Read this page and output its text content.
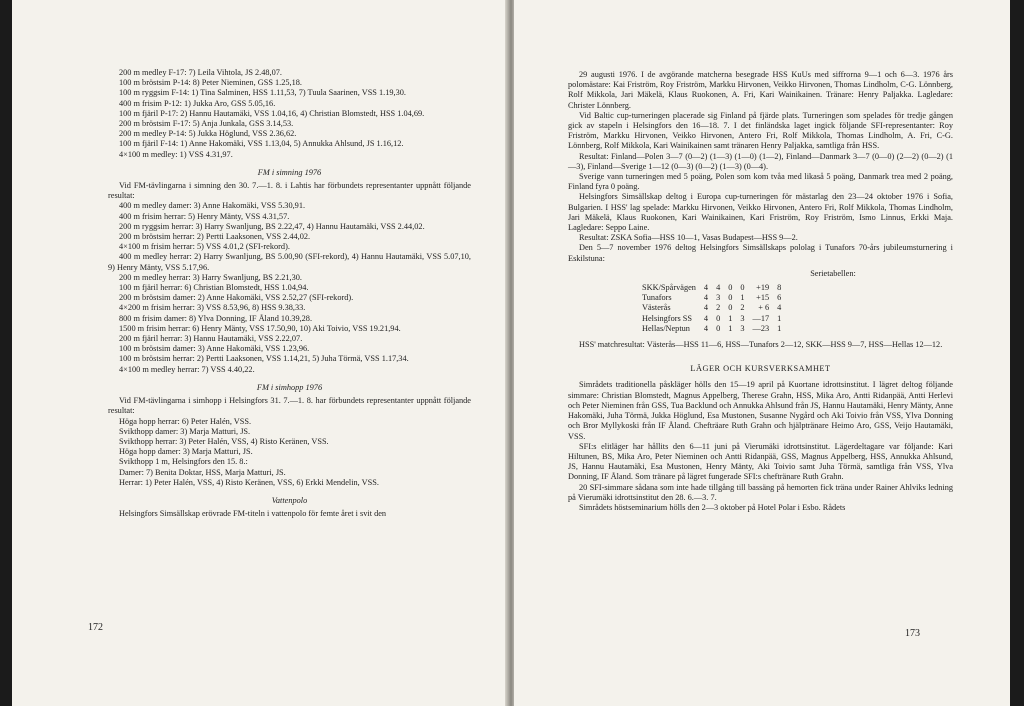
200 m medley F-17: 7) Leila Vihtola, JS 2.48,07.

100 m bröstsim P-14: 8) Peter Nieminen, GSS 1.25,18.

100 m ryggsim F-14: 1) Tina Salminen, HSS 1.11,53, 7) Tuula Saarinen, VSS 1.19,30.

400 m frisim P-12: 1) Jukka Aro, GSS 5.05,16.

100 m fjäril P-17: 2) Hannu Hautamäki, VSS 1.04,16, 4) Christian Blomstedt, HSS 1.04,69.

200 m bröstsim F-17: 5) Anja Junkala, GSS 3.14,53.

200 m medley P-14: 5) Jukka Höglund, VSS 2.36,62.

100 m fjäril F-14: 1) Anne Hakomäki, VSS 1.13,04, 5) Annukka Ahlsund, JS 1.16,12.

4×100 m medley: 1) VSS 4.31,97.

FM i simning 1976

Vid FM-tävlingarna i simning den 30. 7.—1. 8. i Lahtis har förbundets representanter uppnått följande resultat:

400 m medley damer: 3) Anne Hakomäki, VSS 5.30,91.

400 m frisim herrar: 5) Henry Mänty, VSS 4.31,57.

200 m ryggsim herrar: 3) Harry Swanljung, BS 2.22,47, 4) Hannu Hautamäki, VSS 2.44,02.

200 m bröstsim herrar: 2) Pertti Laaksonen, VSS 2.44,02.

4×100 m frisim herrar: 5) VSS 4.01,2 (SFI-rekord).

400 m medley herrar: 2) Harry Swanljung, BS 5.00,90 (SFI-rekord), 4) Hannu Hautamäki, VSS 5.07,10, 9) Henry Mänty, VSS 5.17,96.

200 m medley herrar: 3) Harry Swanljung, BS 2.21,30.

100 m fjäril herrar: 6) Christian Blomstedt, HSS 1.04,94.

200 m bröstsim damer: 2) Anne Hakomäki, VSS 2.52,27 (SFI-rekord).

4×200 m frisim herrar: 3) VSS 8.53,96, 8) HSS 9.38,33.

800 m frisim damer: 8) Ylva Donning, IF Åland 10.39,28.

1500 m frisim herrar: 6) Henry Mänty, VSS 17.50,90, 10) Aki Toivio, VSS 19.21,94.

200 m fjäril herrar: 3) Hannu Hautamäki, VSS 2.22,07.

100 m bröstsim damer: 3) Anne Hakomäki, VSS 1.23,96.

100 m bröstsim herrar: 2) Pertti Laaksonen, VSS 1.14,21, 5) Juha Törmä, VSS 1.17,34.

4×100 m medley herrar: 7) VSS 4.40,22.

FM i simhopp 1976

Vid FM-tävlingarna i simhopp i Helsingfors 31. 7.—1. 8. har förbundets representanter uppnått följande resultat:

Höga hopp herrar: 6) Peter Halén, VSS.

Svikthopp damer: 3) Marja Matturi, JS.

Svikthopp herrar: 3) Peter Halén, VSS, 4) Risto Keränen, VSS.

Höga hopp damer: 3) Marja Matturi, JS.

Svikthopp 1 m, Helsingfors den 15. 8.:

Damer: 7) Benita Doktar, HSS, Marja Matturi, JS.

Herrar: 1) Peter Halén, VSS, 4) Risto Keränen, VSS, 6) Erkki Mendelin, VSS.

Vattenpolo

Helsingfors Simsällskap erövrade FM-titeln i vattenpolo för femte året i svit den

172

29 augusti 1976. I de avgörande matcherna besegrade HSS KuUs med siffrorna 9—1 och 6—3. 1976 års polomästare: Kai Friström, Roy Friström, Markku Hirvonen, Veikko Hirvonen, Thomas Lindholm, C-G. Lönnberg, Rolf Mikkola, Jari Mäkelä, Klaus Ruokonen, A. Fri, Kari Wainikainen. Tränare: Henry Paljakka. Lagledare: Christer Lönnberg.

Vid Baltic cup-turneringen placerade sig Finland på fjärde plats. Turneringen som spelades för tredje gången gick av stapeln i Helsingfors den 16—18. 7. I det finländska laget ingick följande SFI-representanter: Roy Friström, Markku Hirvonen, Veikko Hirvonen, Antero Fri, Rolf Mikkola, Thomas Lindholm, A. Fri, C-G. Lönnberg, Rolf Mikkola, Kari Wainikainen samt tränaren Henry Paljakka, samtliga från HSS.

Resultat: Finland—Polen 3—7 (0—2) (1—3) (1—0) (1—2), Finland—Danmark 3—7 (0—0) (2—2) (0—2) (1—3), Finland—Sverige 1—12 (0—3) (0—2) (1—3) (0—4).

Sverige vann turneringen med 5 poäng, Polen som kom tvåa med likaså 5 poäng, Danmark trea med 2 poäng, Finland fyra 0 poäng.

Helsingfors Simsällskap deltog i Europa cup-turneringen för mästarlag den 23—24 oktober 1976 i Sofia, Bulgarien. I HSS' lag spelade: Markku Hirvonen, Veikko Hirvonen, Antero Fri, Rolf Mikkola, Thomas Lindholm, Jari Mäkelä, Klaus Ruokonen, Kari Wainikainen, Kari Friström, Roy Friström, Ismo Linnus, Erkki Maja. Lagledare: Seppo Laine.

Resultat: ZSKA Sofia—HSS 10—1, Vasas Budapest—HSS 9—2.

Den 5—7 november 1976 deltog Helsingfors Simsällskaps pololag i Tunafors 70-års jubileumsturnering i Eskilstuna:

Serietabellen:
SKK/Spårvägen	4	4	0	0	+19	8
Tunafors	4	3	0	1	+15	6
Västerås	4	2	0	2	+ 6	4
Helsingfors SS	4	0	1	3	—17	1
Hellas/Neptun	4	0	1	3	—23	1

HSS' matchresultat: Västerås—HSS 11—6, HSS—Tunafors 2—12, SKK—HSS 9—7, HSS—Hellas 12—12.

LÄGER OCH KURSVERKSAMHET

Simrådets traditionella påskläger hölls den 15—19 april på Kuortane idrottsinstitut. I lägret deltog följande simmare: Christian Blomstedt, Magnus Appelberg, Therese Grahn, HSS, Mika Aro, Antti Ridanpää, Antti Herlevi och Peter Nieminen från GSS, Tua Backlund och Annukka Ahlsund från JS, Hannu Hautamäki, Henry Mänty, Anne Hakomäki, Juha Törmä, Jukka Höglund, Esa Mustonen, Susanne Nygård och Aki Toivio från VSS, Ylva Donning och Bror Myllykoski från IF Åland. Chefträare Ruth Grahn och hjälptränare Heimo Aro, GSS, Veijo Hautamäki, VSS.

SFI:s elitläger har hållits den 6—11 juni på Vierumäki idrottsinstitut. Lägerdeltagare var följande: Kari Hiltunen, BS, Mika Aro, Peter Nieminen och Antti Ridanpää, GSS, Magnus Appelberg, HSS, Annukka Ahlsund, JS, Hannu Hautamäki, Esa Mustonen, Henry Mänty, Aki Toivio samt Juha Törmä, samtliga från VSS, Ylva Donning, IF Åland. Som tränare på lägret fungerade SFI:s cheftränare Ruth Grahn.

20 SFI-simmare sådana som inte hade tillgång till bassäng på hemorten fick träna under Rainer Ahlviks ledning på Vierumäki idrottsinstitut den 28. 6.—3. 7.

Simrådets höstseminarium hölls den 2—3 oktober på Hotel Polar i Esbo. Rådets

173
